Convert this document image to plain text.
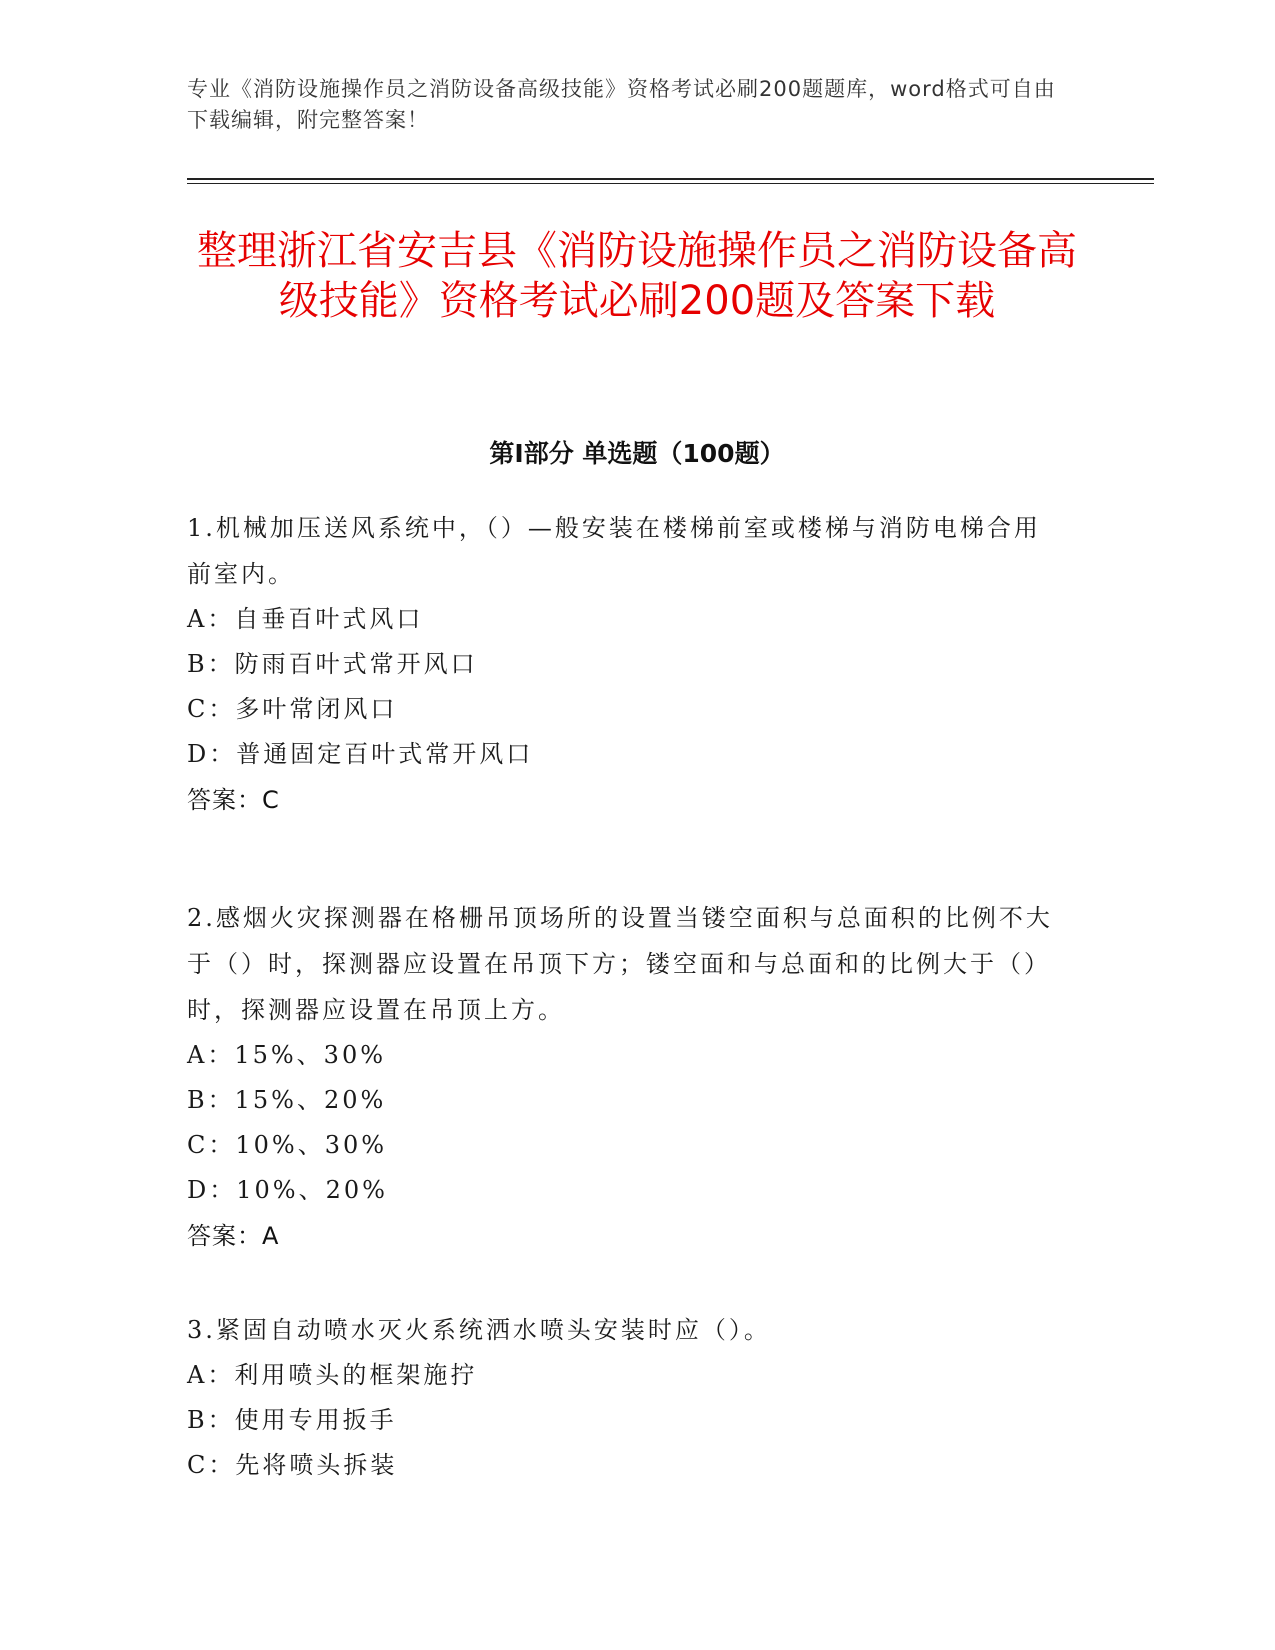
专业《消防设施操作员之消防设备高级技能》资格考试必刷200题题库，word格式可自由下载编辑，附完整答案！
整理浙江省安吉县《消防设施操作员之消防设备高级技能》资格考试必刷200题及答案下载
第Ⅰ部分 单选题（100题）
1.机械加压送风系统中，（）—般安装在楼梯前室或楼梯与消防电梯合用前室内。
A：自垂百叶式风口
B：防雨百叶式常开风口
C：多叶常闭风口
D：普通固定百叶式常开风口
答案：C
2.感烟火灾探测器在格栅吊顶场所的设置当镂空面积与总面积的比例不大于（）时，探测器应设置在吊顶下方；镂空面和与总面和的比例大于（）时，探测器应设置在吊顶上方。
A：15%、30%
B：15%、20%
C：10%、30%
D：10%、20%
答案：A
3.紧固自动喷水灭火系统洒水喷头安装时应（）。
A：利用喷头的框架施拧
B：使用专用扳手
C：先将喷头拆装
